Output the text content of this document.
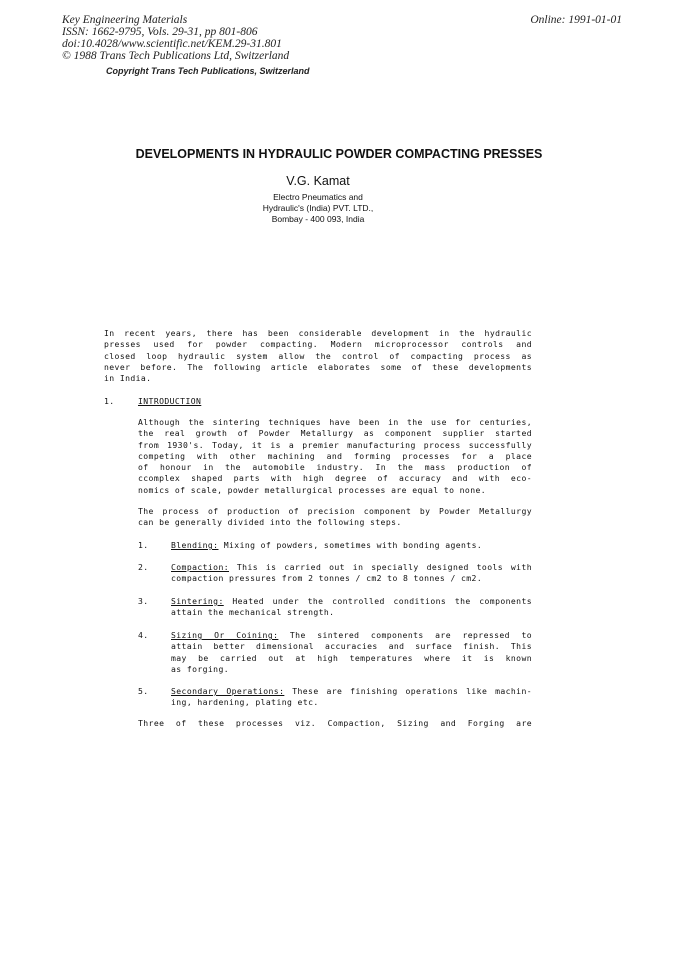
Key Engineering Materials
ISSN: 1662-9795, Vols. 29-31, pp 801-806
doi:10.4028/www.scientific.net/KEM.29-31.801
© 1988 Trans Tech Publications Ltd, Switzerland
Online: 1991-01-01
Copyright Trans Tech Publications, Switzerland
DEVELOPMENTS IN HYDRAULIC POWDER COMPACTING PRESSES
V.G. Kamat
Electro Pneumatics and
Hydraulic's (India) PVT. LTD.,
Bombay - 400 093, India
In recent years, there has been considerable development in the hydraulic
presses used for powder compacting. Modern microprocessor controls and
closed loop hydraulic system allow the control of compacting process as
never before. The following article elaborates some of these developments
in India.
1.	INTRODUCTION
Although the sintering techniques have been in the use for centuries,
the real growth of Powder Metallurgy as component supplier started
from 1930's. Today, it is a premier manufacturing process successfully
competing with other machining and forming processes for a place
of honour in the automobile industry. In the mass production of
ccomplex shaped parts with high degree of accuracy and with eco-
nomics of scale, powder metallurgical processes are equal to none.
The process of production of precision component by Powder Metallurgy
can be generally divided into the following steps.
1.	Blending: Mixing of powders, sometimes with bonding agents.
2.	Compaction: This is carried out in specially designed tools with
compaction pressures from 2 tonnes / cm2 to 8 tonnes / cm2.
3.	Sintering: Heated under the controlled conditions the components
attain the mechanical strength.
4.	Sizing Or Coining: The sintered components are repressed to
attain better dimensional accuracies and surface finish. This
may be carried out at high temperatures where it is known
as forging.
5.	Secondary Operations: These are finishing operations like machin-
ing, hardening, plating etc.
Three of these processes viz. Compaction, Sizing and Forging are
